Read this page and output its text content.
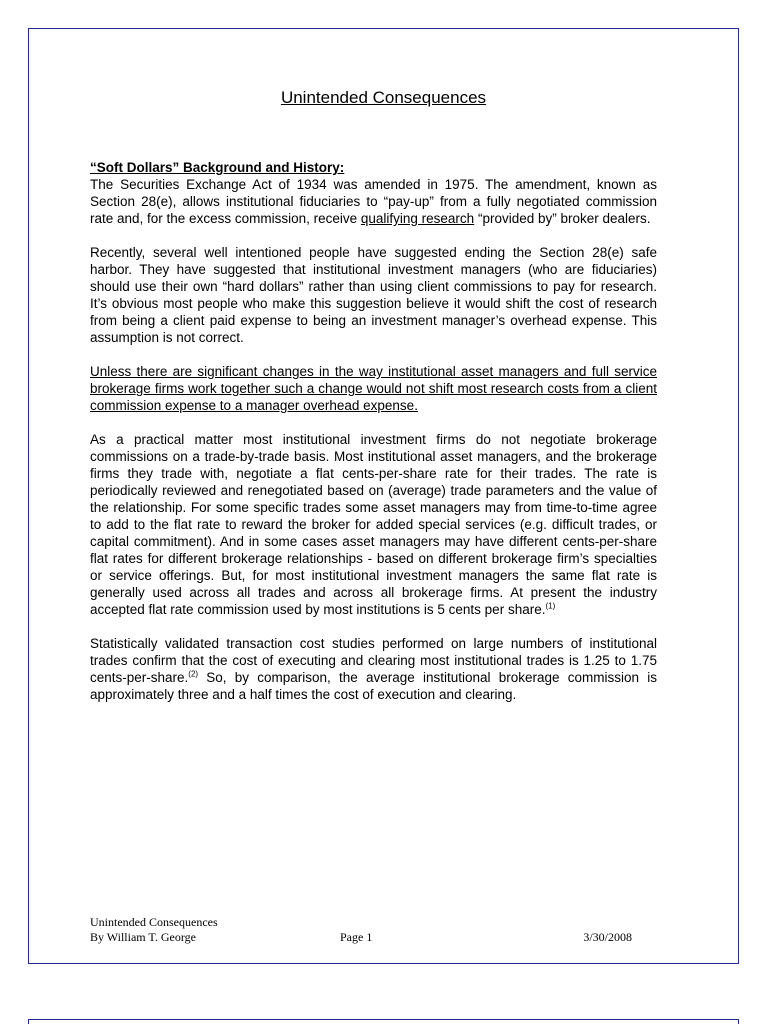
Unintended Consequences

“Soft Dollars” Background and History:
The Securities Exchange Act of 1934 was amended in 1975. The amendment, known as Section 28(e), allows institutional fiduciaries to “pay-up” from a fully negotiated commission rate and, for the excess commission, receive qualifying research “provided by” broker dealers.

Recently, several well intentioned people have suggested ending the Section 28(e) safe harbor. They have suggested that institutional investment managers (who are fiduciaries) should use their own “hard dollars” rather than using client commissions to pay for research. It’s obvious most people who make this suggestion believe it would shift the cost of research from being a client paid expense to being an investment manager’s overhead expense. This assumption is not correct.

Unless there are significant changes in the way institutional asset managers and full service brokerage firms work together such a change would not shift most research costs from a client commission expense to a manager overhead expense.

As a practical matter most institutional investment firms do not negotiate brokerage commissions on a trade-by-trade basis. Most institutional asset managers, and the brokerage firms they trade with, negotiate a flat cents-per-share rate for their trades. The rate is periodically reviewed and renegotiated based on (average) trade parameters and the value of the relationship. For some specific trades some asset managers may from time-to-time agree to add to the flat rate to reward the broker for added special services (e.g. difficult trades, or capital commitment). And in some cases asset managers may have different cents-per-share flat rates for different brokerage relationships - based on different brokerage firm’s specialties or service offerings. But, for most institutional investment managers the same flat rate is generally used across all trades and across all brokerage firms. At present the industry accepted flat rate commission used by most institutions is 5 cents per share.$^{(1)}$

Statistically validated transaction cost studies performed on large numbers of institutional trades confirm that the cost of executing and clearing most institutional trades is 1.25 to 1.75 cents-per-share.$^{(2)}$ So, by comparison, the average institutional brokerage commission is approximately three and a half times the cost of execution and clearing.

Unintended Consequences
By William T. George	Page 1	3/30/2008
